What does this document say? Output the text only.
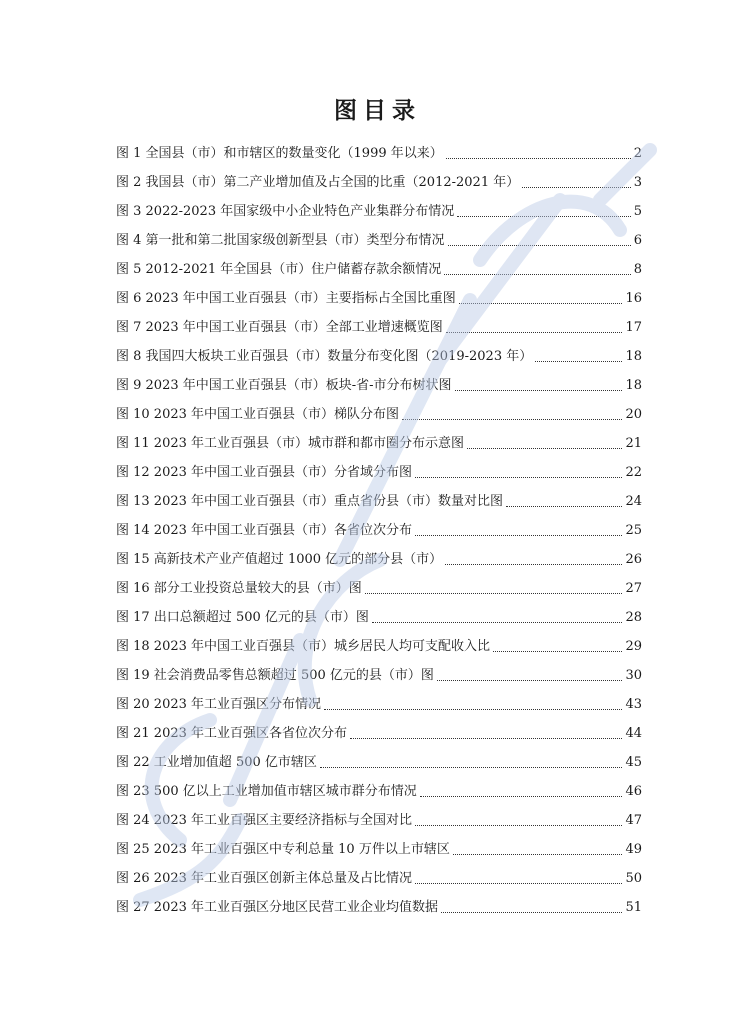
图目录
图 1 全国县（市）和市辖区的数量变化（1999 年以来）	2
图 2 我国县（市）第二产业增加值及占全国的比重（2012-2021 年）	3
图 3 2022-2023 年国家级中小企业特色产业集群分布情况	5
图 4 第一批和第二批国家级创新型县（市）类型分布情况	6
图 5 2012-2021 年全国县（市）住户储蓄存款余额情况	8
图 6 2023 年中国工业百强县（市）主要指标占全国比重图	16
图 7 2023 年中国工业百强县（市）全部工业增速概览图	17
图 8 我国四大板块工业百强县（市）数量分布变化图（2019-2023 年）	18
图 9 2023 年中国工业百强县（市）板块-省-市分布树状图	18
图 10 2023 年中国工业百强县（市）梯队分布图	20
图 11 2023 年工业百强县（市）城市群和都市圈分布示意图	21
图 12 2023 年中国工业百强县（市）分省域分布图	22
图 13 2023 年中国工业百强县（市）重点省份县（市）数量对比图	24
图 14 2023 年中国工业百强县（市）各省位次分布	25
图 15 高新技术产业产值超过 1000 亿元的部分县（市）	26
图 16 部分工业投资总量较大的县（市）图	27
图 17 出口总额超过 500 亿元的县（市）图	28
图 18 2023 年中国工业百强县（市）城乡居民人均可支配收入比	29
图 19 社会消费品零售总额超过 500 亿元的县（市）图	30
图 20 2023 年工业百强区分布情况	43
图 21 2023 年工业百强区各省位次分布	44
图 22 工业增加值超 500 亿市辖区	45
图 23 500 亿以上工业增加值市辖区城市群分布情况	46
图 24 2023 年工业百强区主要经济指标与全国对比	47
图 25 2023 年工业百强区中专利总量 10 万件以上市辖区	49
图 26 2023 年工业百强区创新主体总量及占比情况	50
图 27 2023 年工业百强区分地区民营工业企业均值数据	51
